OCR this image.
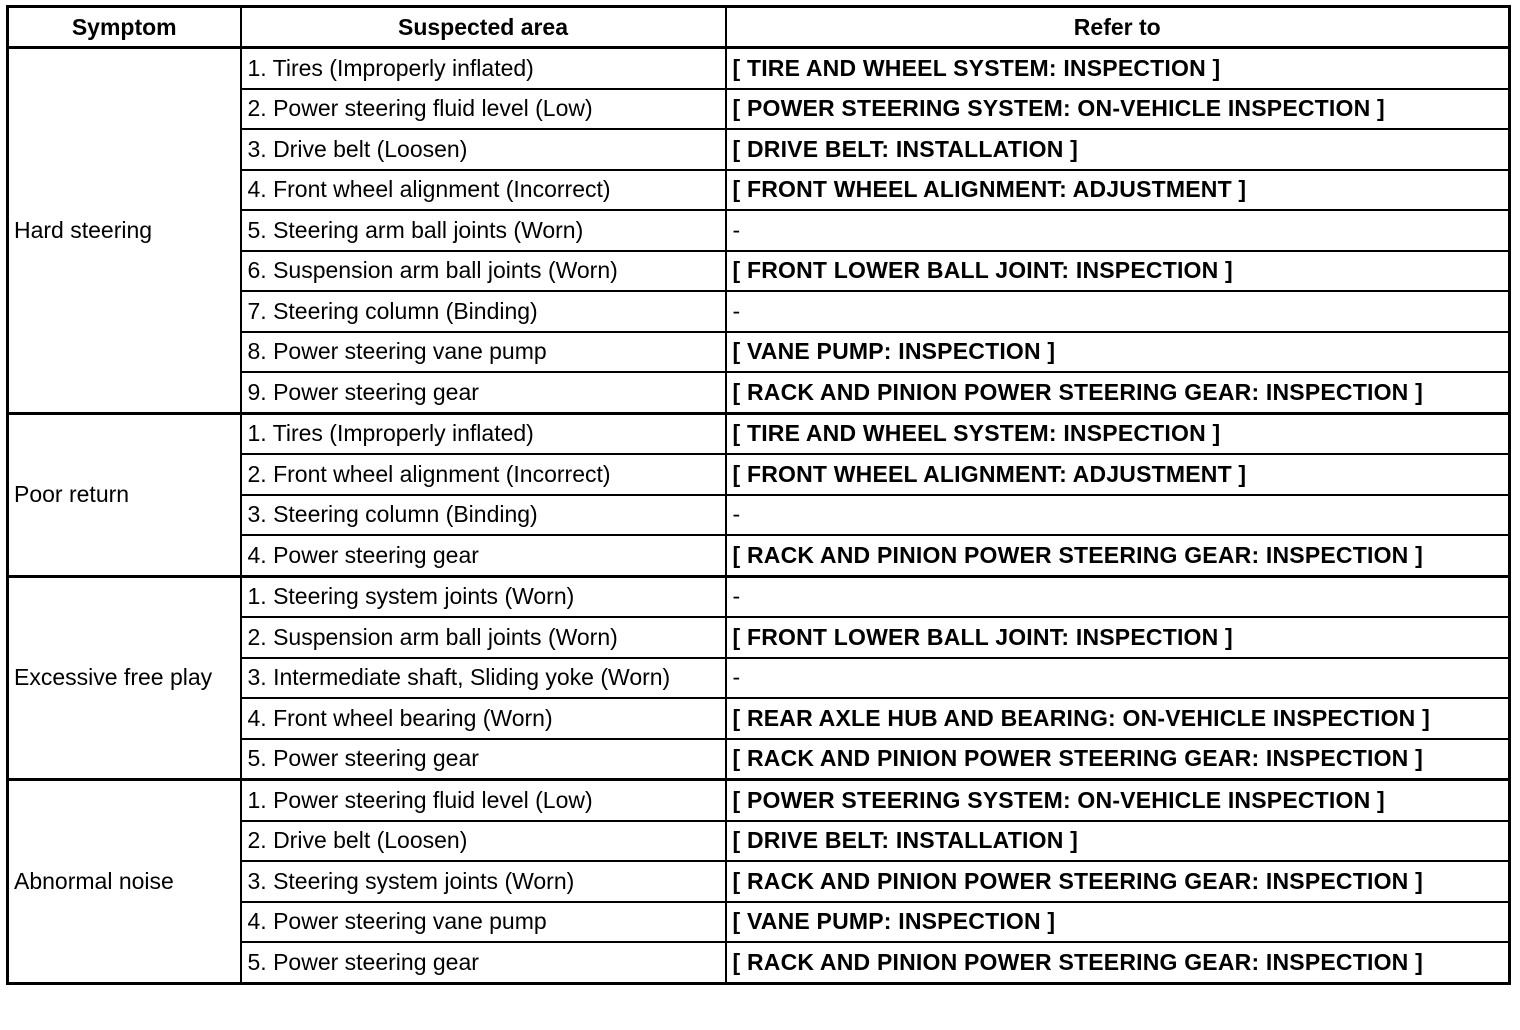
Symptom	Suspected area	Refer to
Hard steering	1. Tires (Improperly inflated)	[ TIRE AND WHEEL SYSTEM: INSPECTION ]
	2. Power steering fluid level (Low)	[ POWER STEERING SYSTEM: ON-VEHICLE INSPECTION ]
	3. Drive belt (Loosen)	[ DRIVE BELT: INSTALLATION ]
	4. Front wheel alignment (Incorrect)	[ FRONT WHEEL ALIGNMENT: ADJUSTMENT ]
	5. Steering arm ball joints (Worn)	-
	6. Suspension arm ball joints (Worn)	[ FRONT LOWER BALL JOINT: INSPECTION ]
	7. Steering column (Binding)	-
	8. Power steering vane pump	[ VANE PUMP: INSPECTION ]
	9. Power steering gear	[ RACK AND PINION POWER STEERING GEAR: INSPECTION ]
Poor return	1. Tires (Improperly inflated)	[ TIRE AND WHEEL SYSTEM: INSPECTION ]
	2. Front wheel alignment (Incorrect)	[ FRONT WHEEL ALIGNMENT: ADJUSTMENT ]
	3. Steering column (Binding)	-
	4. Power steering gear	[ RACK AND PINION POWER STEERING GEAR: INSPECTION ]
Excessive free play	1. Steering system joints (Worn)	-
	2. Suspension arm ball joints (Worn)	[ FRONT LOWER BALL JOINT: INSPECTION ]
	3. Intermediate shaft, Sliding yoke (Worn)	-
	4. Front wheel bearing (Worn)	[ REAR AXLE HUB AND BEARING: ON-VEHICLE INSPECTION ]
	5. Power steering gear	[ RACK AND PINION POWER STEERING GEAR: INSPECTION ]
Abnormal noise	1. Power steering fluid level (Low)	[ POWER STEERING SYSTEM: ON-VEHICLE INSPECTION ]
	2. Drive belt (Loosen)	[ DRIVE BELT: INSTALLATION ]
	3. Steering system joints (Worn)	[ RACK AND PINION POWER STEERING GEAR: INSPECTION ]
	4. Power steering vane pump	[ VANE PUMP: INSPECTION ]
	5. Power steering gear	[ RACK AND PINION POWER STEERING GEAR: INSPECTION ]
